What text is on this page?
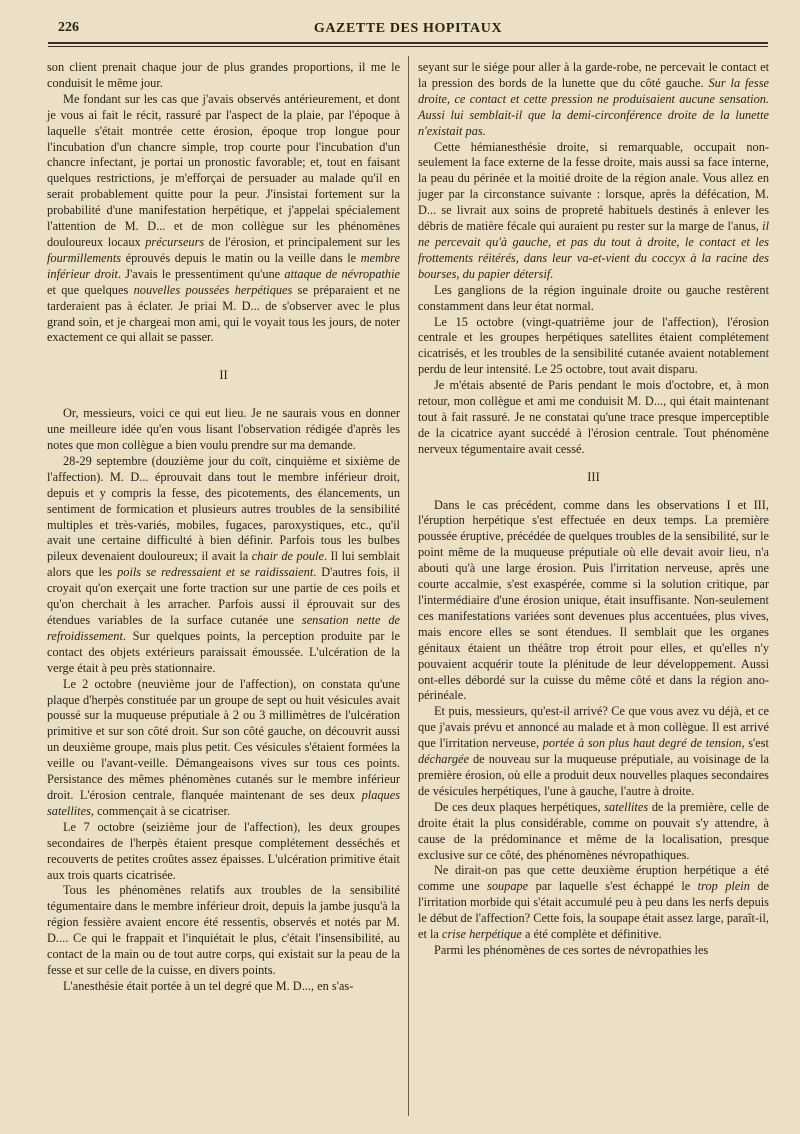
226	GAZETTE DES HOPITAUX

son client prenait chaque jour de plus grandes proportions, il me le conduisit le même jour.

Me fondant sur les cas que j'avais observés antérieurement, et dont je vous ai fait le récit, rassuré par l'aspect de la plaie, par l'époque à laquelle s'était montrée cette érosion, époque trop longue pour l'incubation d'un chancre simple, trop courte pour l'incubation d'un chancre infectant, je portai un pronostic favorable; et, tout en faisant quelques restrictions, je m'efforçai de persuader au malade qu'il en serait probablement quitte pour la peur. J'insistai fortement sur la probabilité d'une manifestation herpétique, et j'appelai spécialement l'attention de M. D... et de mon collègue sur les phénomènes douloureux locaux précurseurs de l'érosion, et principalement sur les fourmillements éprouvés depuis le matin ou la veille dans le membre inférieur droit. J'avais le pressentiment qu'une attaque de névropathie et que quelques nouvelles poussées herpétiques se préparaient et ne tarderaient pas à éclater. Je priai M. D... de s'observer avec le plus grand soin, et je chargeai mon ami, qui le voyait tous les jours, de noter exactement ce qui allait se passer.

II

Or, messieurs, voici ce qui eut lieu. Je ne saurais vous en donner une meilleure idée qu'en vous lisant l'observation rédigée d'après les notes que mon collègue a bien voulu prendre sur ma demande.

28-29 septembre (douzième jour du coït, cinquième et sixième de l'affection). M. D... éprouvait dans tout le membre inférieur droit, depuis et y compris la fesse, des picotements, des élancements, un sentiment de formication et plusieurs autres troubles de la sensibilité multiples et très-variés, mobiles, fugaces, paroxystiques, etc., qu'il avait une certaine difficulté à bien définir. Parfois tous les bulbes pileux devenaient douloureux; il avait la chair de poule. Il lui semblait alors que les poils se redressaient et se raidissaient. D'autres fois, il croyait qu'on exerçait une forte traction sur une partie de ces poils et qu'on cherchait à les arracher. Parfois aussi il éprouvait sur des étendues variables de la surface cutanée une sensation nette de refroidissement. Sur quelques points, la perception produite par le contact des objets extérieurs paraissait émoussée. L'ulcération de la verge était à peu près stationnaire.

Le 2 octobre (neuvième jour de l'affection), on constata qu'une plaque d'herpès constituée par un groupe de sept ou huit vésicules avait poussé sur la muqueuse préputiale à 2 ou 3 millimètres de l'ulcération primitive et sur son côté droit. Sur son côté gauche, on découvrit aussi un deuxième groupe, mais plus petit. Ces vésicules s'étaient formées la veille ou l'avant-veille. Démangeaisons vives sur tous ces points. Persistance des mêmes phénomènes cutanés sur le membre inférieur droit. L'érosion centrale, flanquée maintenant de ses deux plaques satellites, commençait à se cicatriser.

Le 7 octobre (seizième jour de l'affection), les deux groupes secondaires de l'herpès étaient presque complétement desséchés et recouverts de petites croûtes assez épaisses. L'ulcération primitive était aux trois quarts cicatrisée.

Tous les phénomènes relatifs aux troubles de la sensibilité tégumentaire dans le membre inférieur droit, depuis la jambe jusqu'à la région fessière avaient encore été ressentis, observés et notés par M. D.... Ce qui le frappait et l'inquiétait le plus, c'était l'insensibilité, au contact de la main ou de tout autre corps, qui existait sur la peau de la fesse et sur celle de la cuisse, en divers points.

L'anesthésie était portée à un tel degré que M. D..., en s'as-

seyant sur le siége pour aller à la garde-robe, ne percevait le contact et la pression des bords de la lunette que du côté gauche. Sur la fesse droite, ce contact et cette pression ne produisaient aucune sensation. Aussi lui semblait-il que la demi-circonférence droite de la lunette n'existait pas.

Cette hémianesthésie droite, si remarquable, occupait non-seulement la face externe de la fesse droite, mais aussi sa face interne, la peau du périnée et la moitié droite de la région anale. Vous allez en juger par la circonstance suivante : lorsque, après la défécation, M. D... se livrait aux soins de propreté habituels destinés à enlever les débris de matière fécale qui auraient pu rester sur la marge de l'anus, il ne percevait qu'à gauche, et pas du tout à droite, le contact et les frottements réitérés, dans leur va-et-vient du coccyx à la racine des bourses, du papier détersif.

Les ganglions de la région inguinale droite ou gauche restèrent constamment dans leur état normal.

Le 15 octobre (vingt-quatrième jour de l'affection), l'érosion centrale et les groupes herpétiques satellites étaient complétement cicatrisés, et les troubles de la sensibilité cutanée avaient notablement perdu de leur intensité. Le 25 octobre, tout avait disparu.

Je m'étais absenté de Paris pendant le mois d'octobre, et, à mon retour, mon collègue et ami me conduisit M. D..., qui était maintenant tout à fait rassuré. Je ne constatai qu'une trace presque imperceptible de la cicatrice ayant succédé à l'érosion centrale. Tout phénomène nerveux tégumentaire avait cessé.

III

Dans le cas précédent, comme dans les observations I et III, l'éruption herpétique s'est effectuée en deux temps. La première poussée éruptive, précédée de quelques troubles de la sensibilité, sur le point même de la muqueuse préputiale où elle devait avoir lieu, n'a abouti qu'à une large érosion. Puis l'irritation nerveuse, après une courte accalmie, s'est exaspérée, comme si la solution critique, par l'intermédiaire d'une érosion unique, était insuffisante. Non-seulement ces manifestations variées sont devenues plus accentuées, plus vives, mais encore elles se sont étendues. Il semblait que les organes génitaux étaient un théâtre trop étroit pour elles, et qu'elles n'y pouvaient acquérir toute la plénitude de leur développement. Aussi ont-elles débordé sur la cuisse du même côté et dans la région ano-périnéale.

Et puis, messieurs, qu'est-il arrivé? Ce que vous avez vu déjà, et ce que j'avais prévu et annoncé au malade et à mon collègue. Il est arrivé que l'irritation nerveuse, portée à son plus haut degré de tension, s'est déchargée de nouveau sur la muqueuse préputiale, au voisinage de la première érosion, où elle a produit deux nouvelles plaques secondaires de vésicules herpétiques, l'une à gauche, l'autre à droite.

De ces deux plaques herpétiques, satellites de la première, celle de droite était la plus considérable, comme on pouvait s'y attendre, à cause de la prédominance et même de la localisation, presque exclusive sur ce côté, des phénomènes névropathiques.

Ne dirait-on pas que cette deuxième éruption herpétique a été comme une soupape par laquelle s'est échappé le trop plein de l'irritation morbide qui s'était accumulé peu à peu dans les nerfs depuis le début de l'affection? Cette fois, la soupape était assez large, paraît-il, et la crise herpétique a été complète et définitive.

Parmi les phénomènes de ces sortes de névropathies les
